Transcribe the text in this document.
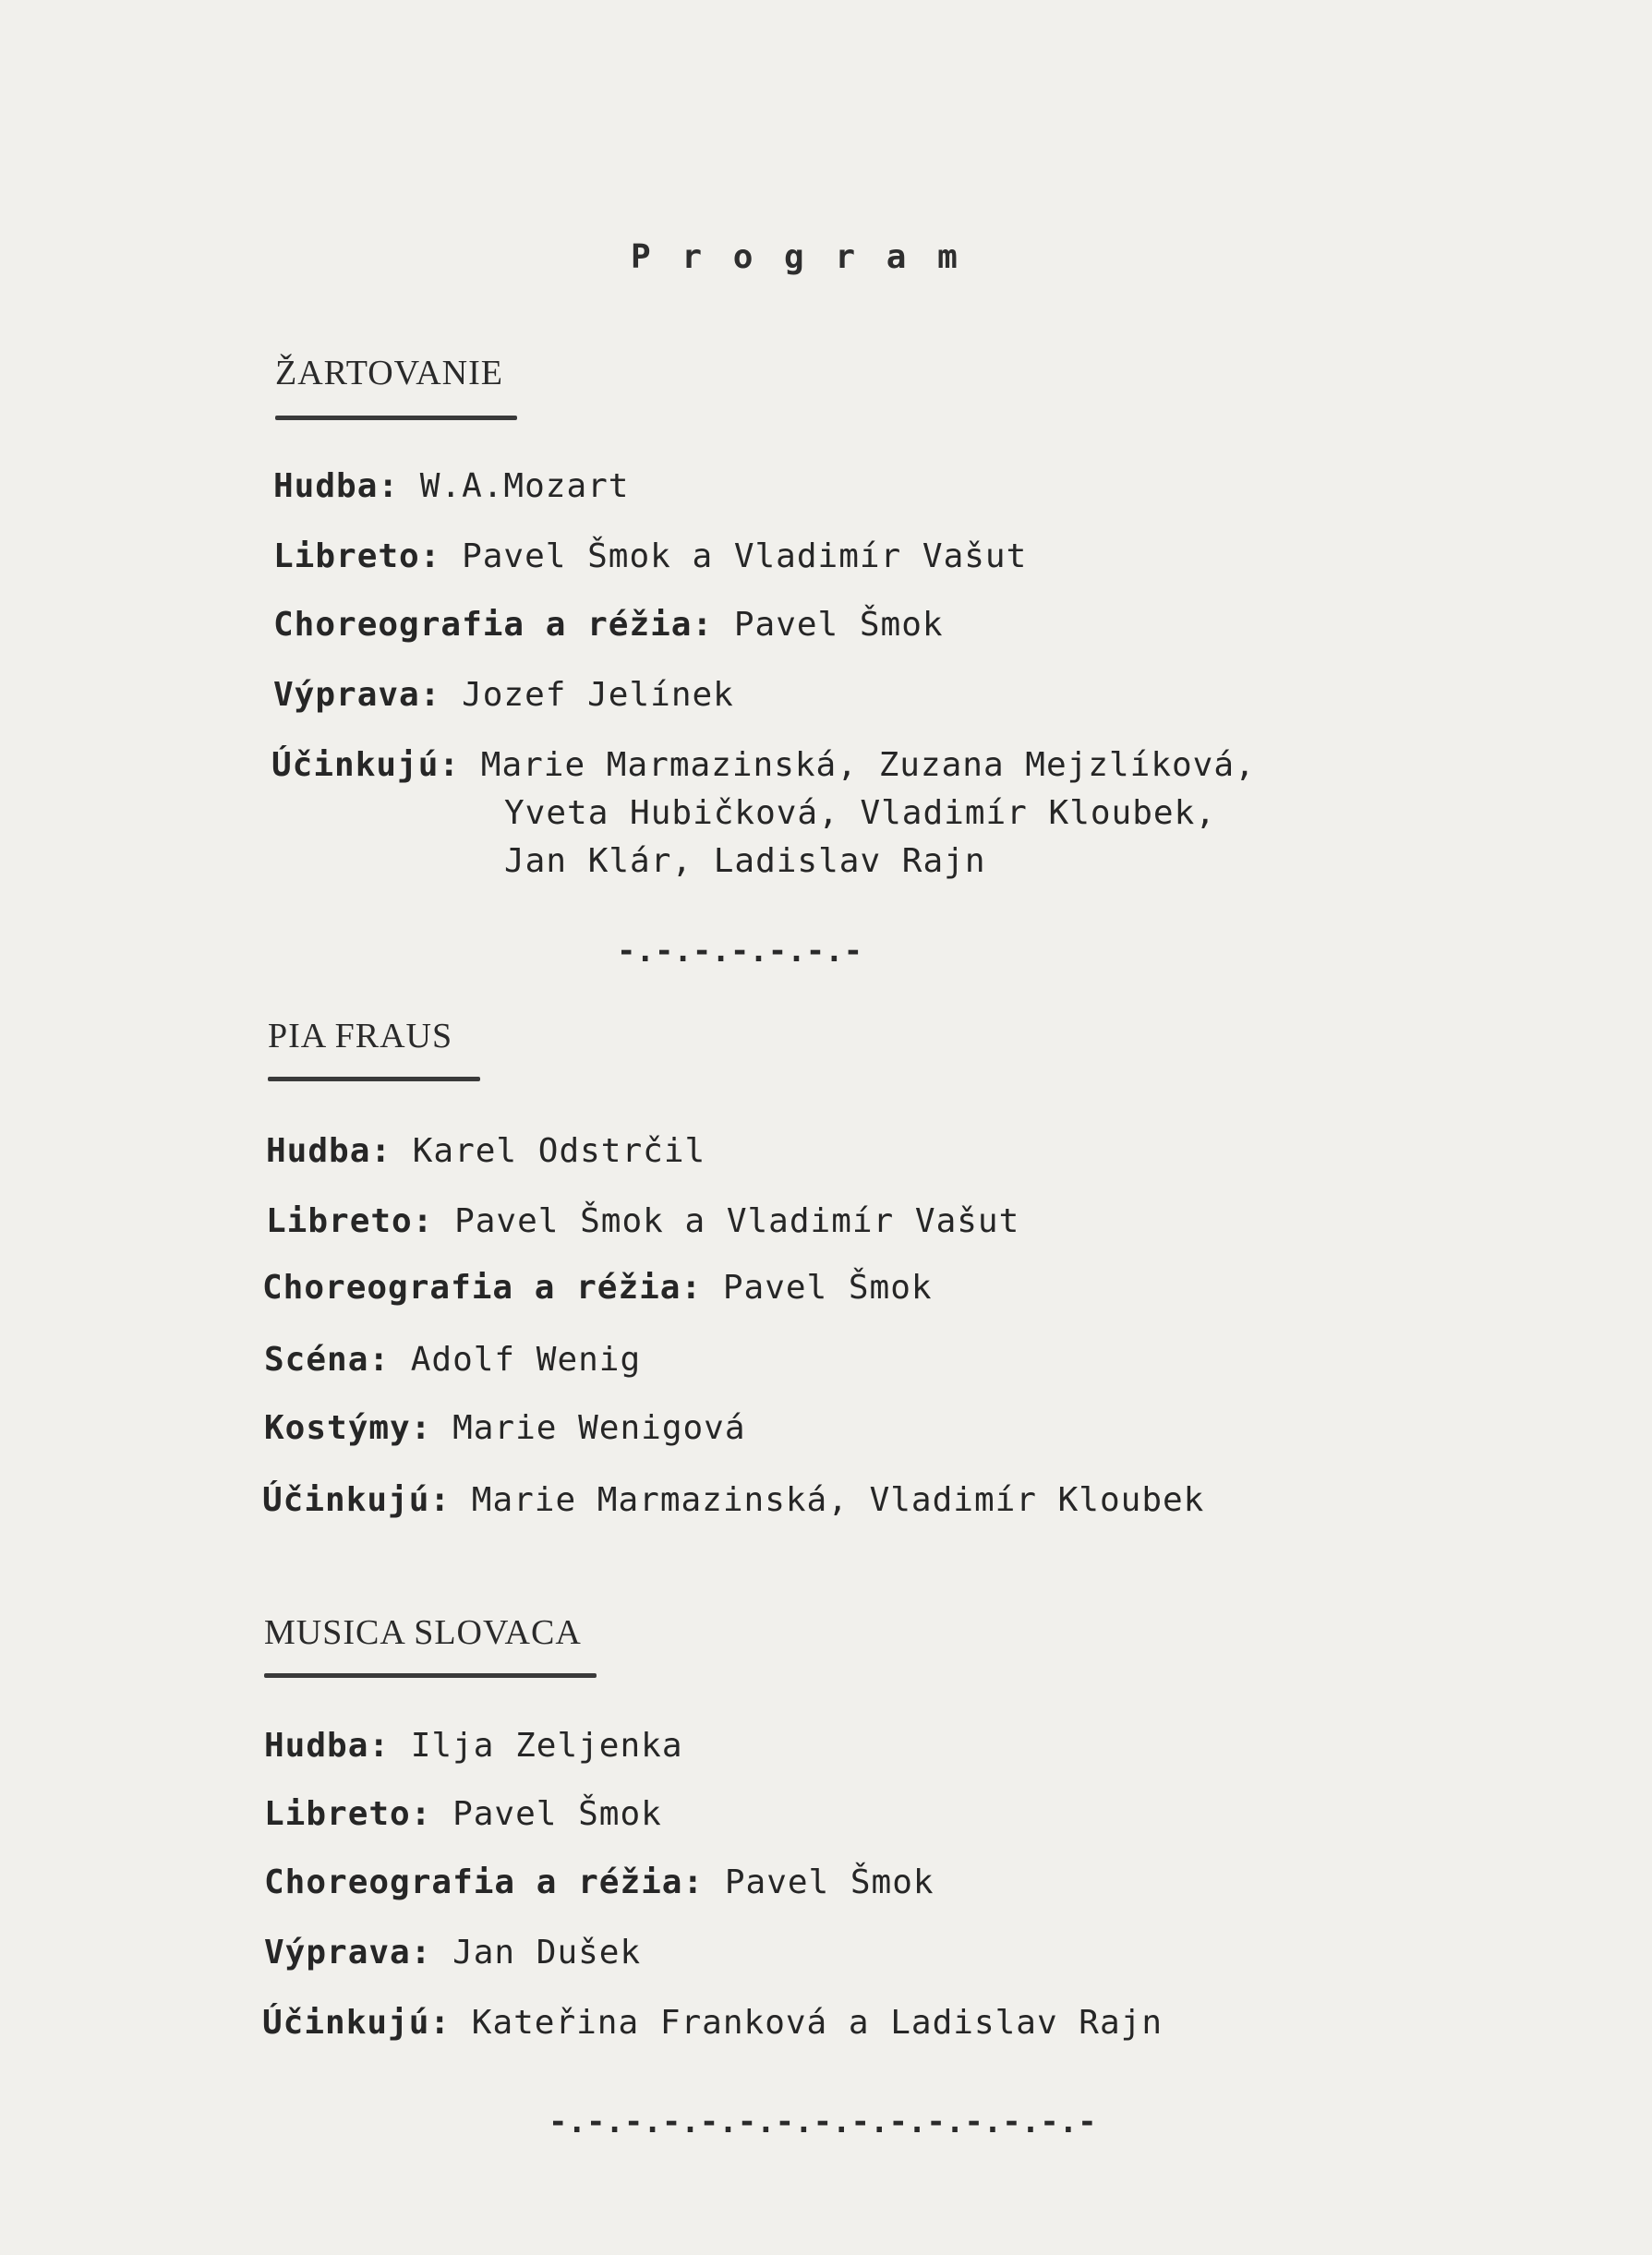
P r o g r a m
ŽARTOVANIE
Hudba: W.A.Mozart
Libreto: Pavel Šmok a Vladimír Vašut
Choreografia a réžia: Pavel Šmok
Výprava: Jozef Jelínek
Účinkujú: Marie Marmazinská, Zuzana Mejzlíková,
Yveta Hubičková, Vladimír Kloubek,
Jan Klár, Ladislav Rajn
-.-.-.-.-.-.-
PIA FRAUS
Hudba: Karel Odstrčil
Libreto: Pavel Šmok a Vladimír Vašut
Choreografia a réžia: Pavel Šmok
Scéna: Adolf Wenig
Kostýmy: Marie Wenigová
Účinkujú: Marie Marmazinská, Vladimír Kloubek
MUSICA SLOVACA
Hudba: Ilja Zeljenka
Libreto: Pavel Šmok
Choreografia a réžia: Pavel Šmok
Výprava: Jan Dušek
Účinkujú: Kateřina Franková a Ladislav Rajn
-.-.-.-.-.-.-.-.-.-.-.-.-.-.-
